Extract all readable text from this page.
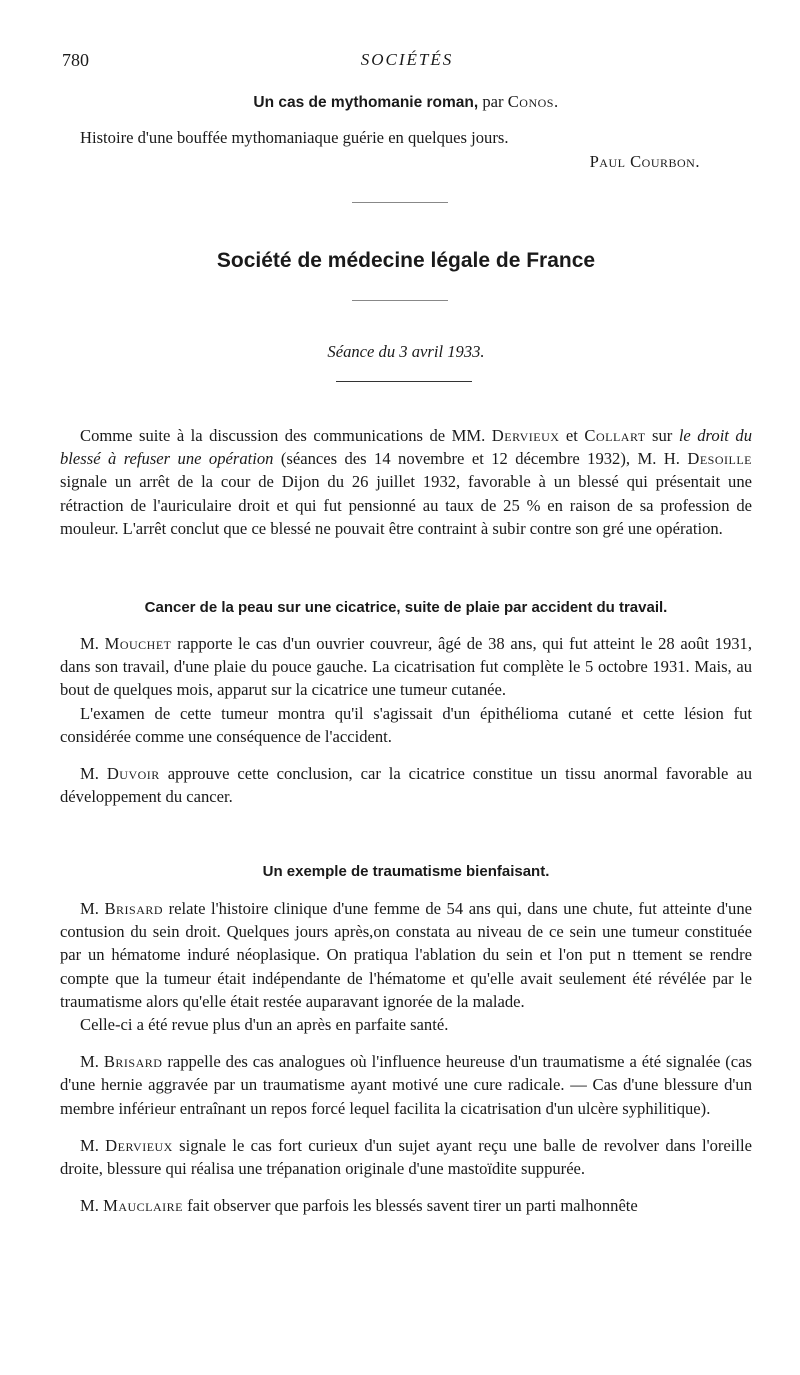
780	SOCIÉTÉS

Un cas de mythomanie roman, par Conos.

Histoire d'une bouffée mythomaniaque guérie en quelques jours.

Paul Courbon.

Société de médecine légale de France

Séance du 3 avril 1933.

Comme suite à la discussion des communications de MM. Dervieux et Collart sur le droit du blessé à refuser une opération (séances des 14 novembre et 12 décembre 1932), M. H. Desoille signale un arrêt de la cour de Dijon du 26 juillet 1932, favorable à un blessé qui présentait une rétraction de l'auriculaire droit et qui fut pensionné au taux de 25 % en raison de sa profession de mouleur. L'arrêt conclut que ce blessé ne pouvait être contraint à subir contre son gré une opération.

Cancer de la peau sur une cicatrice, suite de plaie par accident du travail.

M. Mouchet rapporte le cas d'un ouvrier couvreur, âgé de 38 ans, qui fut atteint le 28 août 1931, dans son travail, d'une plaie du pouce gauche. La cicatrisation fut complète le 5 octobre 1931. Mais, au bout de quelques mois, apparut sur la cicatrice une tumeur cutanée.

L'examen de cette tumeur montra qu'il s'agissait d'un épithélioma cutané et cette lésion fut considérée comme une conséquence de l'accident.

M. Duvoir approuve cette conclusion, car la cicatrice constitue un tissu anormal favorable au développement du cancer.

Un exemple de traumatisme bienfaisant.

M. Brisard relate l'histoire clinique d'une femme de 54 ans qui, dans une chute, fut atteinte d'une contusion du sein droit. Quelques jours après,on constata au niveau de ce sein une tumeur constituée par un hématome induré néoplasique. On pratiqua l'ablation du sein et l'on put n ttement se rendre compte que la tumeur était indépendante de l'hématome et qu'elle avait seulement été révélée par le traumatisme alors qu'elle était restée auparavant ignorée de la malade.

Celle-ci a été revue plus d'un an après en parfaite santé.

M. Brisard rappelle des cas analogues où l'influence heureuse d'un traumatisme a été signalée (cas d'une hernie aggravée par un traumatisme ayant motivé une cure radicale. — Cas d'une blessure d'un membre inférieur entraînant un repos forcé lequel facilita la cicatrisation d'un ulcère syphilitique).

M. Dervieux signale le cas fort curieux d'un sujet ayant reçu une balle de revolver dans l'oreille droite, blessure qui réalisa une trépanation originale d'une mastoïdite suppurée.

M. Mauclaire fait observer que parfois les blessés savent tirer un parti malhonnête
